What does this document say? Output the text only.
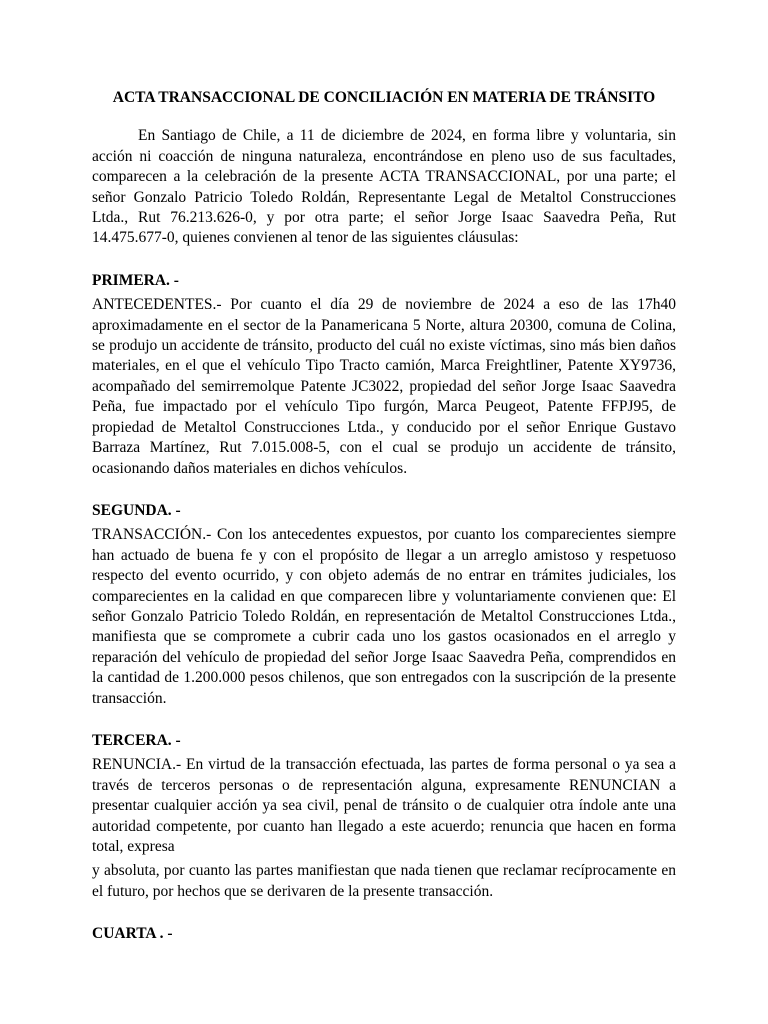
ACTA TRANSACCIONAL DE CONCILIACIÓN EN MATERIA DE TRÁNSITO

En Santiago de Chile, a 11 de diciembre de 2024, en forma libre y voluntaria, sin acción ni coacción de ninguna naturaleza, encontrándose en pleno uso de sus facultades, comparecen a la celebración de la presente ACTA TRANSACCIONAL, por una parte; el señor Gonzalo Patricio Toledo Roldán, Representante Legal de Metaltol Construcciones Ltda., Rut 76.213.626-0, y por otra parte; el señor Jorge Isaac Saavedra Peña, Rut 14.475.677-0, quienes convienen al tenor de las siguientes cláusulas:

PRIMERA. -

ANTECEDENTES.- Por cuanto el día 29 de noviembre de 2024 a eso de las 17h40 aproximadamente en el sector de la Panamericana 5 Norte, altura 20300, comuna de Colina, se produjo un accidente de tránsito, producto del cuál no existe víctimas, sino más bien daños materiales, en el que el vehículo Tipo Tracto camión, Marca Freightliner, Patente XY9736, acompañado del semirremolque Patente JC3022, propiedad del señor Jorge Isaac Saavedra Peña, fue impactado por el vehículo Tipo furgón, Marca Peugeot, Patente FFPJ95, de propiedad de Metaltol Construcciones Ltda., y conducido por el señor Enrique Gustavo Barraza Martínez, Rut 7.015.008-5, con el cual se produjo un accidente de tránsito, ocasionando daños materiales en dichos vehículos.

SEGUNDA. -

TRANSACCIÓN.- Con los antecedentes expuestos, por cuanto los comparecientes siempre han actuado de buena fe y con el propósito de llegar a un arreglo amistoso y respetuoso respecto del evento ocurrido, y con objeto además de no entrar en trámites judiciales, los comparecientes en la calidad en que comparecen libre y voluntariamente convienen que: El señor Gonzalo Patricio Toledo Roldán, en representación de Metaltol Construcciones Ltda., manifiesta que se compromete a cubrir cada uno los gastos ocasionados en el arreglo y reparación del vehículo de propiedad del señor Jorge Isaac Saavedra Peña, comprendidos en la cantidad de 1.200.000 pesos chilenos, que son entregados con la suscripción de la presente transacción.

TERCERA. -

RENUNCIA.- En virtud de la transacción efectuada, las partes de forma personal o ya sea a través de terceros personas o de representación alguna, expresamente RENUNCIAN a presentar cualquier acción ya sea civil, penal de tránsito o de cualquier otra índole ante una autoridad competente, por cuanto han llegado a este acuerdo; renuncia que hacen en forma total, expresa

y absoluta, por cuanto las partes manifiestan que nada tienen que reclamar recíprocamente en el futuro, por hechos que se derivaren de la presente transacción.

CUARTA . -
